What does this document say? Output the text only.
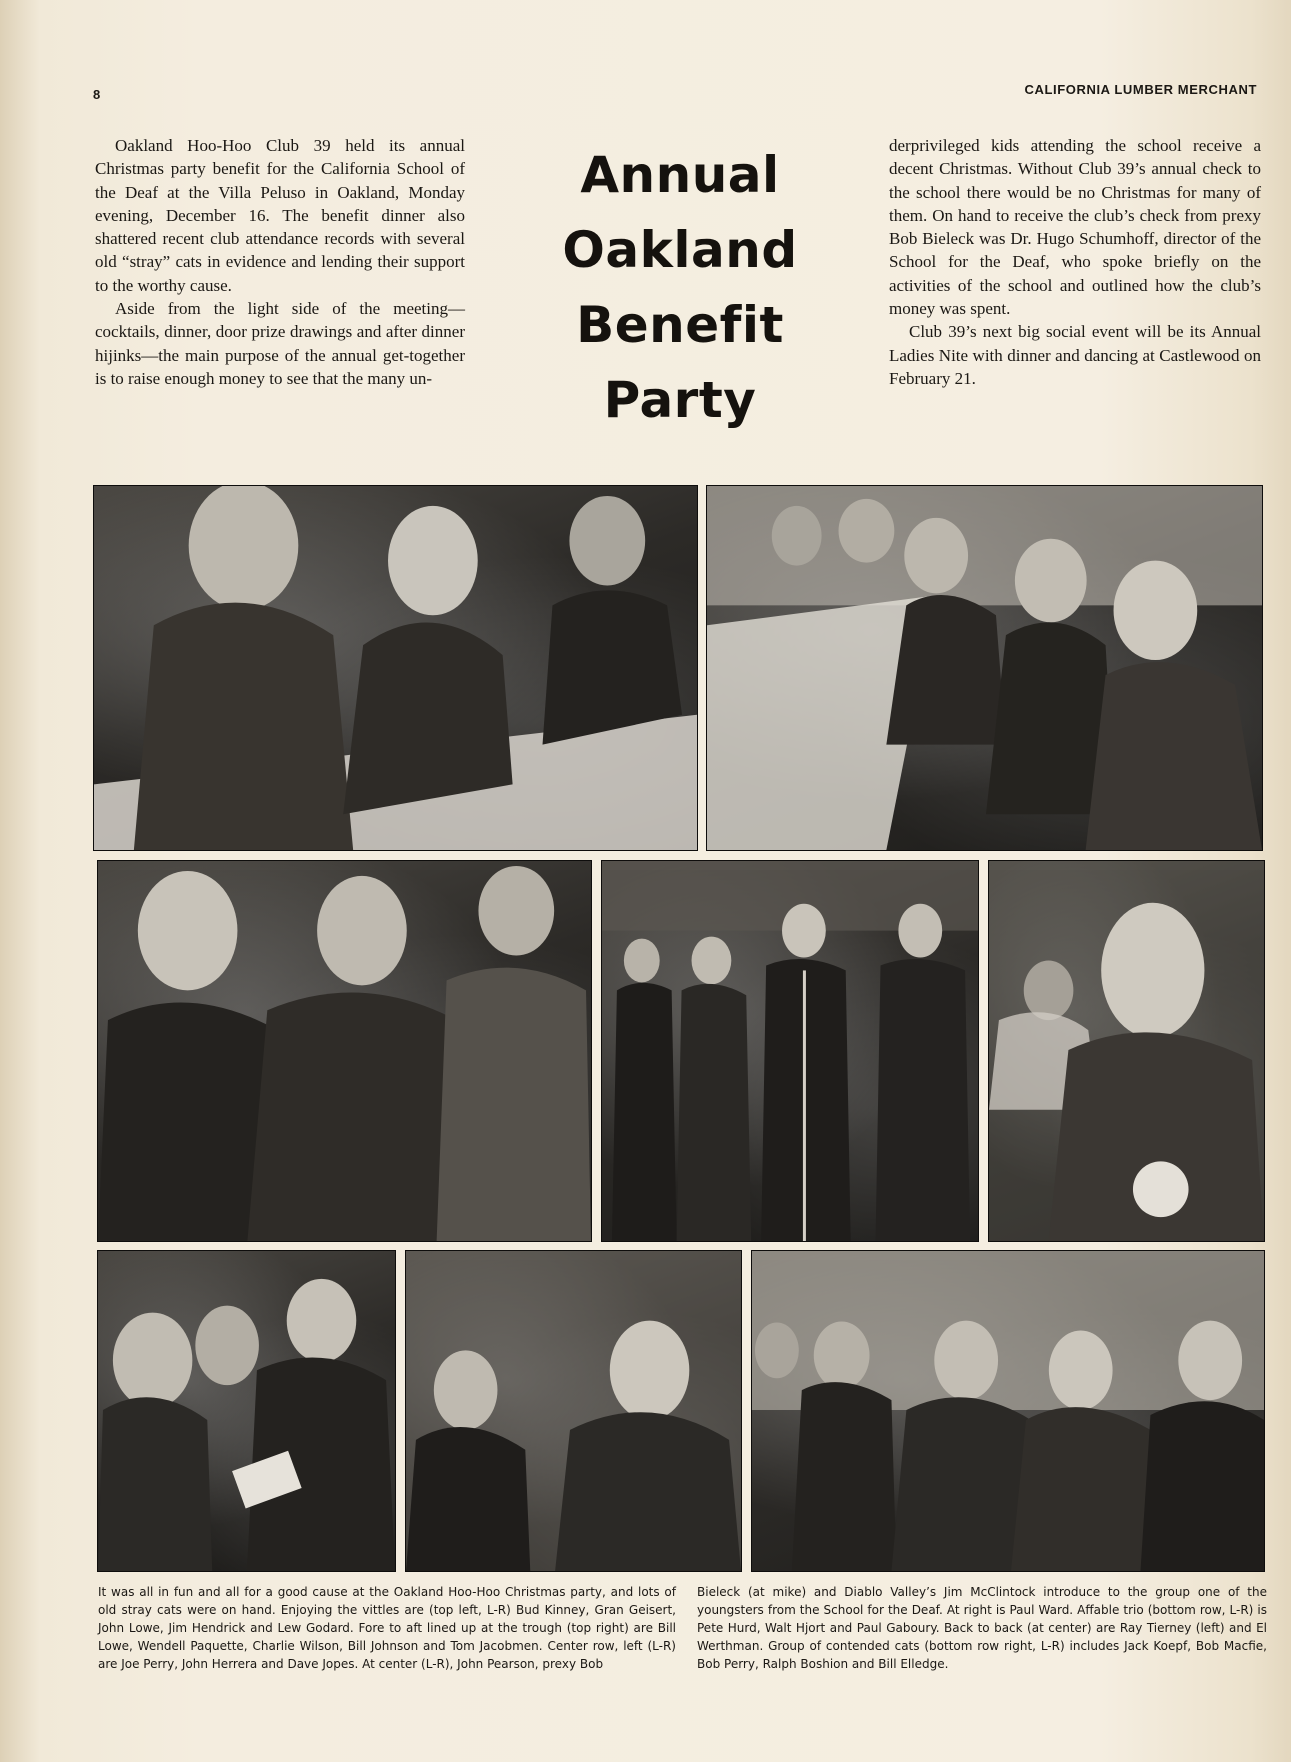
8	CALIFORNIA LUMBER MERCHANT

Oakland Hoo-Hoo Club 39 held its annual Christmas party benefit for the California School of the Deaf at the Villa Peluso in Oakland, Monday evening, December 16. The benefit dinner also shattered recent club attendance records with several old “stray” cats in evidence and lending their support to the worthy cause.

Aside from the light side of the meeting—cocktails, dinner, door prize drawings and after dinner hijinks—the main purpose of the annual get-together is to raise enough money to see that the many un-

Annual
Oakland
Benefit
Party

derprivileged kids attending the school receive a decent Christmas. Without Club 39’s annual check to the school there would be no Christmas for many of them. On hand to receive the club’s check from prexy Bob Bieleck was Dr. Hugo Schumhoff, director of the School for the Deaf, who spoke briefly on the activities of the school and outlined how the club’s money was spent.

Club 39’s next big social event will be its Annual Ladies Nite with dinner and dancing at Castlewood on February 21.

It was all in fun and all for a good cause at the Oakland Hoo-Hoo Christmas party, and lots of old stray cats were on hand. Enjoying the vittles are (top left, L-R) Bud Kinney, Gran Geisert, John Lowe, Jim Hendrick and Lew Godard. Fore to aft lined up at the trough (top right) are Bill Lowe, Wendell Paquette, Charlie Wilson, Bill Johnson and Tom Jacobmen. Center row, left (L-R) are Joe Perry, John Herrera and Dave Jopes. At center (L-R), John Pearson, prexy Bob
Bieleck (at mike) and Diablo Valley’s Jim McClintock introduce to the group one of the youngsters from the School for the Deaf. At right is Paul Ward. Affable trio (bottom row, L-R) is Pete Hurd, Walt Hjort and Paul Gaboury. Back to back (at center) are Ray Tierney (left) and El Werthman. Group of contended cats (bottom row right, L-R) includes Jack Koepf, Bob Macfie, Bob Perry, Ralph Boshion and Bill Elledge.
